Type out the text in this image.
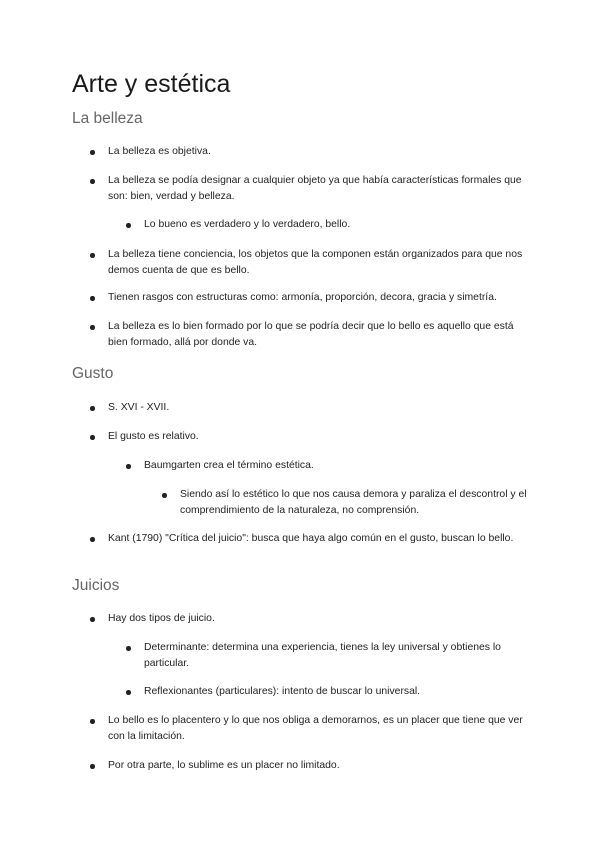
Arte y estética
La belleza
La belleza es objetiva.
La belleza se podía designar a cualquier objeto ya que había características formales que son: bien, verdad y belleza.
Lo bueno es verdadero y lo verdadero, bello.
La belleza tiene conciencia, los objetos que la componen están organizados para que nos demos cuenta de que es bello.
Tienen rasgos con estructuras como: armonía, proporción, decora, gracia y simetría.
La belleza es lo bien formado por lo que se podría decir que lo bello es aquello que está bien formado, allá por donde va.
Gusto
S. XVI - XVII.
El gusto es relativo.
Baumgarten crea el término estética.
Siendo así lo estético lo que nos causa demora y paraliza el descontrol y el comprendimiento de la naturaleza, no comprensión.
Kant (1790) "Crítica del juicio": busca que haya algo común en el gusto, buscan lo bello.
Juicios
Hay dos tipos de juicio.
Determinante: determina una experiencia, tienes la ley universal y obtienes lo particular.
Reflexionantes (particulares): intento de buscar lo universal.
Lo bello es lo placentero y lo que nos obliga a demorarnos, es un placer que tiene que ver con la limitación.
Por otra parte, lo sublime es un placer no limitado.
